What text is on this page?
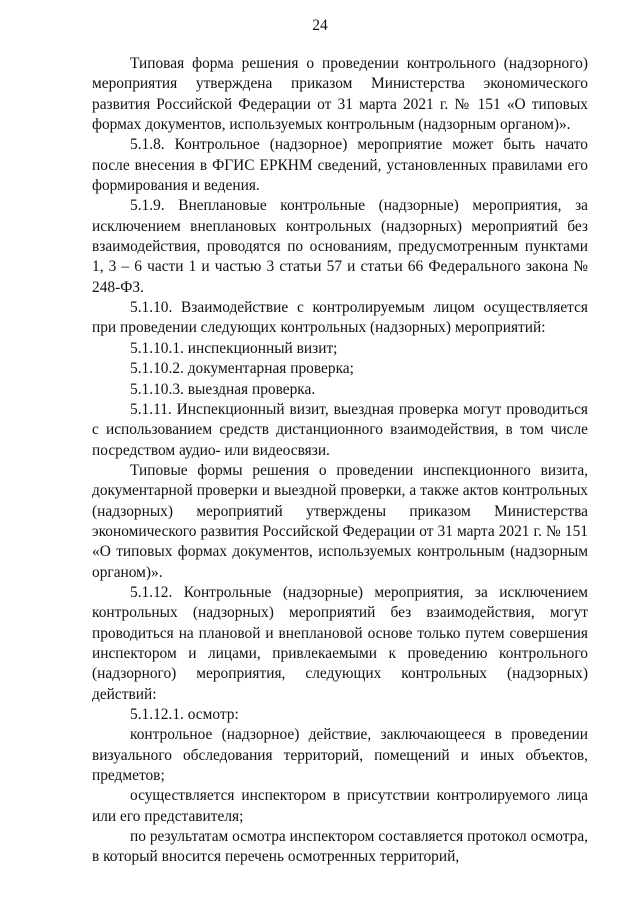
24

Типовая форма решения о проведении контрольного (надзорного) мероприятия утверждена приказом Министерства экономического развития Российской Федерации от 31 марта 2021 г. № 151 «О типовых формах документов, используемых контрольным (надзорным органом)».

5.1.8. Контрольное (надзорное) мероприятие может быть начато после внесения в ФГИС ЕРКНМ сведений, установленных правилами его формирования и ведения.

5.1.9. Внеплановые контрольные (надзорные) мероприятия, за исключением внеплановых контрольных (надзорных) мероприятий без взаимодействия, проводятся по основаниям, предусмотренным пунктами 1, 3 – 6 части 1 и частью 3 статьи 57 и статьи 66 Федерального закона № 248-ФЗ.

5.1.10. Взаимодействие с контролируемым лицом осуществляется при проведении следующих контрольных (надзорных) мероприятий:

5.1.10.1. инспекционный визит;

5.1.10.2. документарная проверка;

5.1.10.3. выездная проверка.

5.1.11. Инспекционный визит, выездная проверка могут проводиться с использованием средств дистанционного взаимодействия, в том числе посредством аудио- или видеосвязи.

Типовые формы решения о проведении инспекционного визита, документарной проверки и выездной проверки, а также актов контрольных (надзорных) мероприятий утверждены приказом Министерства экономического развития Российской Федерации от 31 марта 2021 г. № 151 «О типовых формах документов, используемых контрольным (надзорным органом)».

5.1.12. Контрольные (надзорные) мероприятия, за исключением контрольных (надзорных) мероприятий без взаимодействия, могут проводиться на плановой и внеплановой основе только путем совершения инспектором и лицами, привлекаемыми к проведению контрольного (надзорного) мероприятия, следующих контрольных (надзорных) действий:

5.1.12.1. осмотр:

контрольное (надзорное) действие, заключающееся в проведении визуального обследования территорий, помещений и иных объектов, предметов;

осуществляется инспектором в присутствии контролируемого лица или его представителя;

по результатам осмотра инспектором составляется протокол осмотра, в который вносится перечень осмотренных территорий,
